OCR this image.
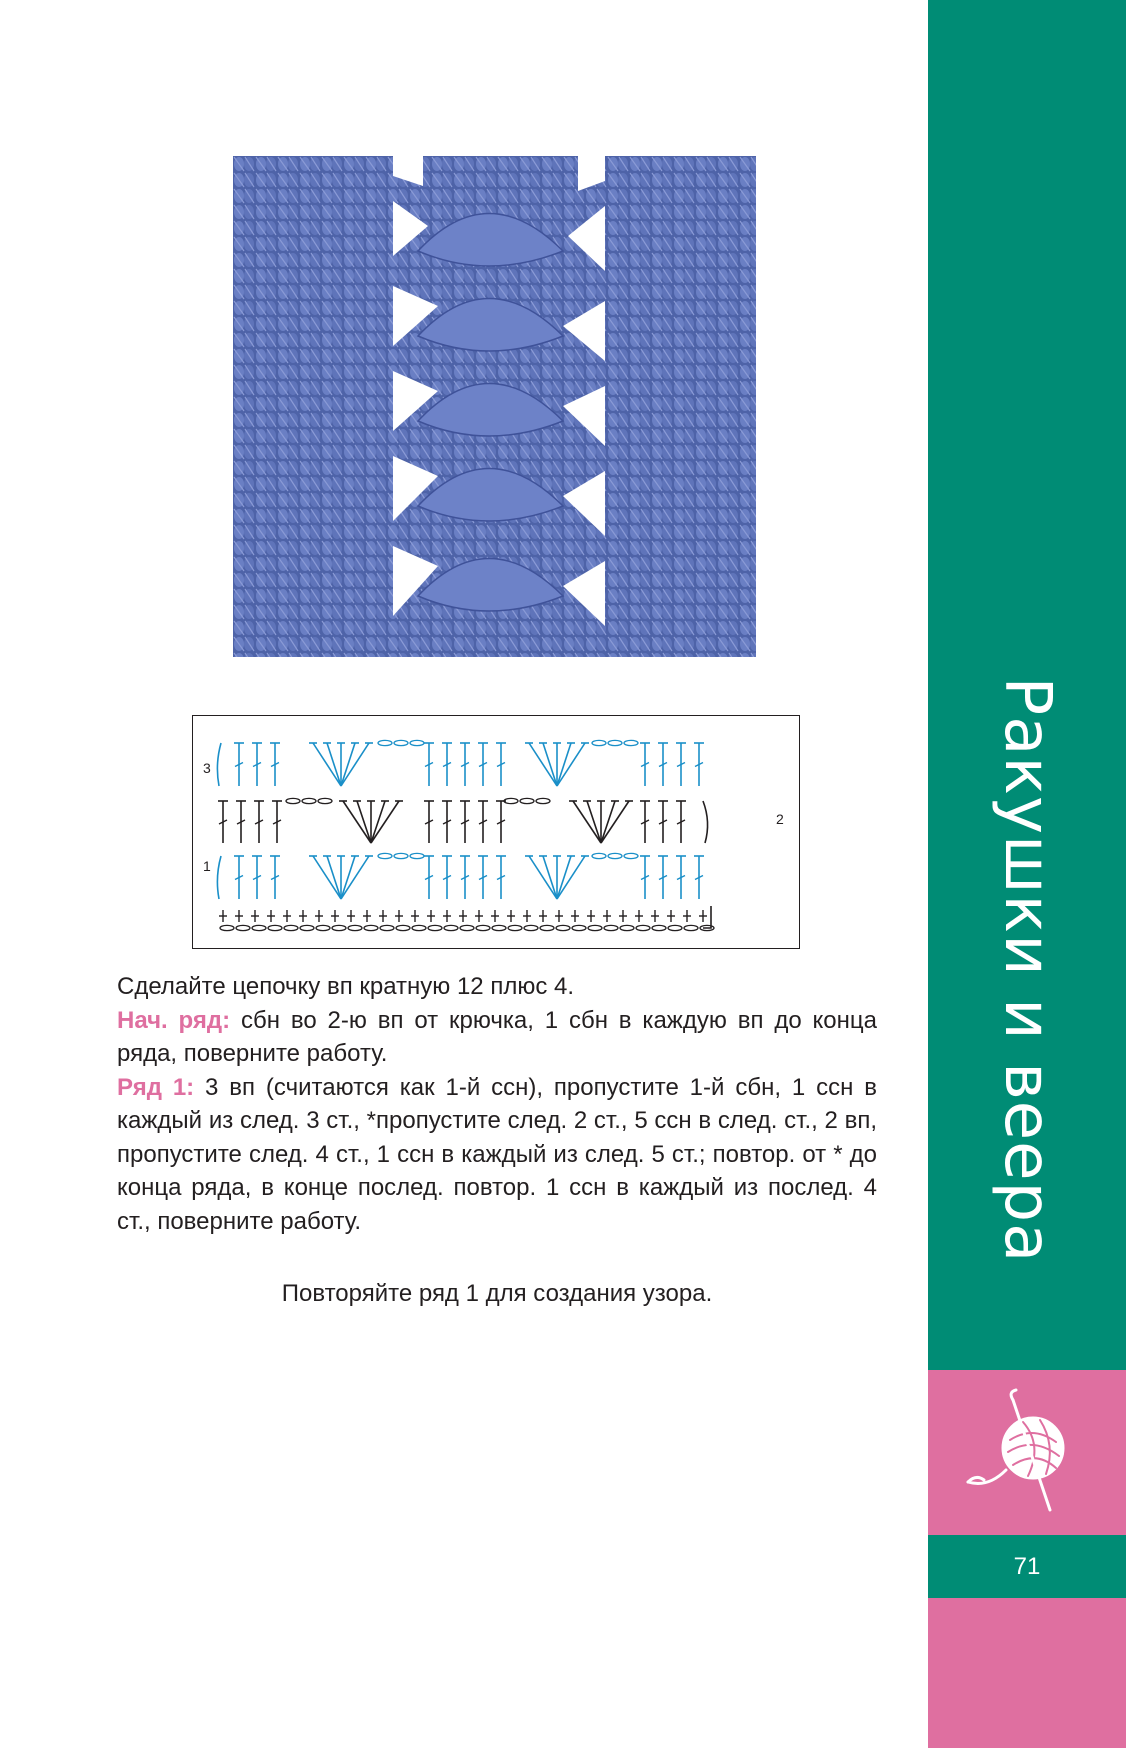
Ракушки и веера
71
3
2
1

Сделайте цепочку вп кратную 12 плюс 4.

Нач. ряд: сбн во 2-ю вп от крючка, 1 сбн в каждую вп до конца ряда, поверните работу.

Ряд 1: 3 вп (считаются как 1-й ссн), пропустите 1-й сбн, 1 ссн в каждый из след. 3 ст., *пропустите след. 2 ст., 5 ссн в след. ст., 2 вп, пропустите след. 4 ст., 1 ссн в каждый из след. 5 ст.; повтор. от * до конца ряда, в конце послед. повтор. 1 ссн в каждый из послед. 4 ст., поверните работу.

Повторяйте ряд 1 для создания узора.
